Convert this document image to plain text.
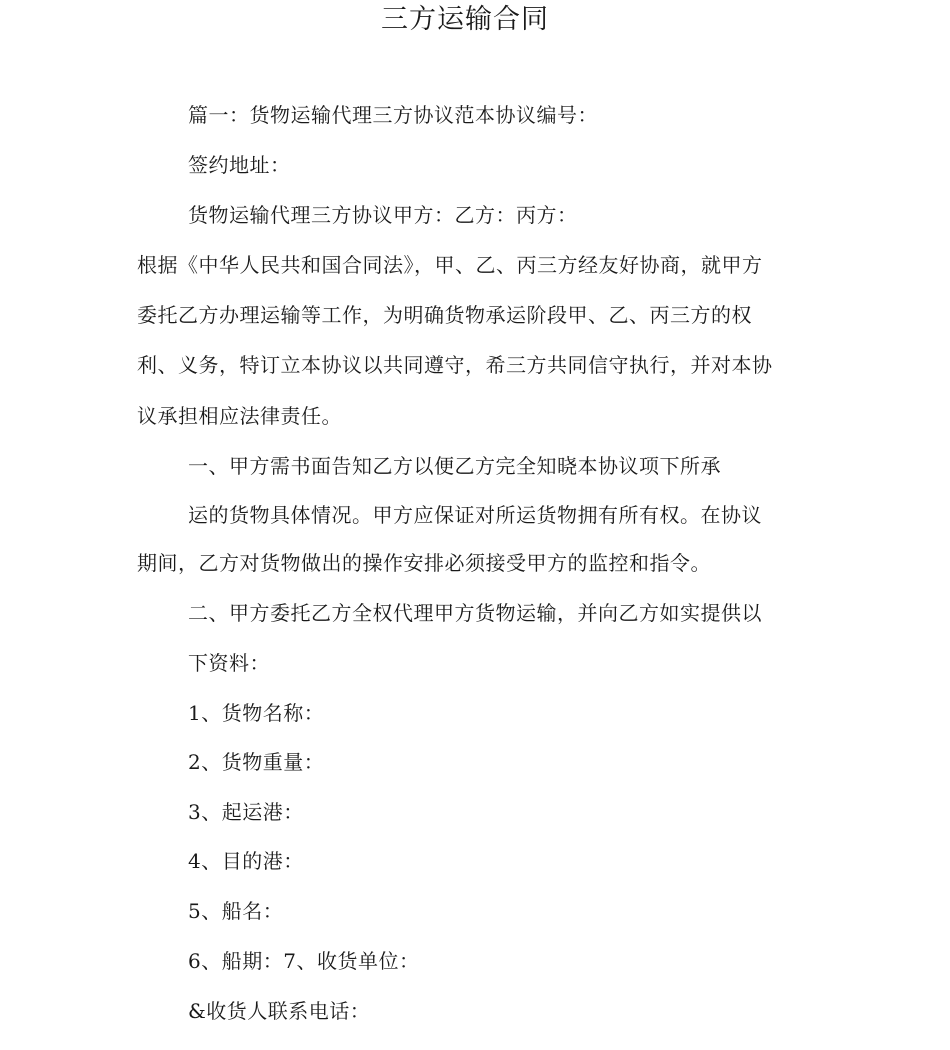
三方运输合同
篇一：货物运输代理三方协议范本协议编号：
签约地址：
货物运输代理三方协议甲方：乙方：丙方：
根据《中华人民共和国合同法》，甲、乙、丙三方经友好协商，就甲方
委托乙方办理运输等工作，为明确货物承运阶段甲、乙、丙三方的权
利、义务，特订立本协议以共同遵守，希三方共同信守执行，并对本协
议承担相应法律责任。
一、甲方需书面告知乙方以便乙方完全知晓本协议项下所承
运的货物具体情况。甲方应保证对所运货物拥有所有权。在协议
期间，乙方对货物做出的操作安排必须接受甲方的监控和指令。
二、甲方委托乙方全权代理甲方货物运输，并向乙方如实提供以
下资料：
1、货物名称：
2、货物重量：
3、起运港：
4、目的港：
5、船名：
6、船期：7、收货单位：
&收货人联系电话：
